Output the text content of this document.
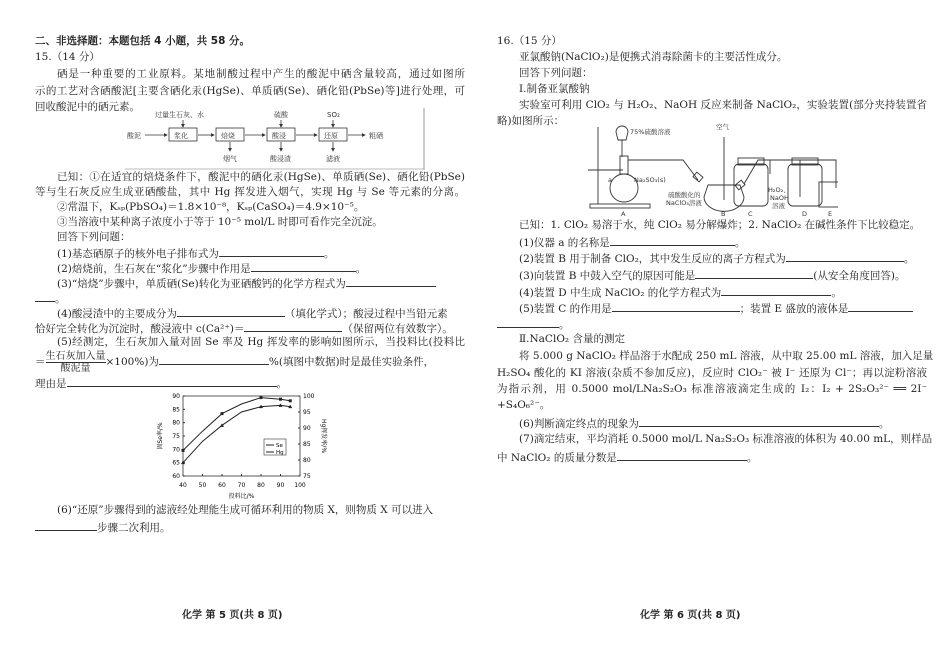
二、非选择题：本题包括 4 小题，共 58 分。
15.（14 分）
硒是一种重要的工业原料。某地制酸过程中产生的酸泥中硒含量较高，通过如图所
示的工艺对含硒酸泥[主要含硒化汞(HgSe)、单质硒(Se)、硒化铅(PbSe)等]进行处理，可
回收酸泥中的硒元素。
酸泥	浆化	焙烧	酸浸	还原
过量生石灰、水	硫酸	SO₂
烟气	酸浸渣	滤液
粗硒
已知：①在适宜的焙烧条件下，酸泥中的硒化汞(HgSe)、单质硒(Se)、硒化铅(PbSe)
等与生石灰反应生成亚硒酸盐，其中 Hg 挥发进入烟气，实现 Hg 与 Se 等元素的分离。
②常温下，Kₛₚ(PbSO₄)＝1.8×10⁻⁸，Kₛₚ(CaSO₄)＝4.9×10⁻⁵。
③当溶液中某种离子浓度小于等于 10⁻⁵ mol/L 时即可看作完全沉淀。
回答下列问题：
(1)基态硒原子的核外电子排布式为	。
(2)焙烧前，生石灰在“浆化”步骤中作用是	。
(3)“焙烧”步骤中，单质硒(Se)转化为亚硒酸钙的化学方程式为
。
(4)酸浸渣中的主要成分为	（填化学式）；酸浸过程中当铅元素
恰好完全转化为沉淀时，酸浸液中 c(Ca²⁺)＝	（保留两位有效数字）。
(5)经测定，生石灰加入量对固 Se 率及 Hg 挥发率的影响如图所示，当投料比(投料比
＝ $\frac{\text{生石灰加入量}}{\text{酸泥量}} \times 100\%$)为	%(填图中数据)时是最佳实验条件，
理由是	。
40 50 60 70 80 90 100
60
65
70
75
80
85
90
75
80
85
90
95
100
投料比/%
固Se率/%	Hg挥发率/%
Se
Hg
(6)“还原”步骤得到的滤液经处理能生成可循环利用的物质 X，则物质 X 可以进入
步骤二次利用。
化学 第 5 页(共 8 页)
16.（15 分）
亚氯酸钠(NaClO₂)是便携式消毒除菌卡的主要活性成分。
回答下列问题：
Ⅰ.制备亚氯酸钠
实验室可利用 ClO₂ 与 H₂O₂、NaOH 反应来制备 NaClO₂，实验装置(部分夹持装置省
略)如图所示：
75%硫酸溶液
空气
a	Na₂SO₃(s)
硫酸酸化的
NaClO₃溶液
H₂O₂、
NaOH
溶液
A	B	C	D	E
已知：1. ClO₂ 易溶于水，纯 ClO₂ 易分解爆炸；2. NaClO₂ 在碱性条件下比较稳定。
(1)仪器 a 的名称是	。
(2)装置 B 用于制备 ClO₂，其中发生反应的离子方程式为	。
(3)向装置 B 中鼓入空气的原因可能是	(从安全角度回答)。
(4)装置 D 中生成 NaClO₂ 的化学方程式为	。
(5)装置 C 的作用是	；装置 E 盛放的液体是
。
Ⅱ.NaClO₂ 含量的测定
将 5.000 g NaClO₂ 样品溶于水配成 250 mL 溶液，从中取 25.00 mL 溶液，加入足量
H₂SO₄ 酸化的 KI 溶液(杂质不参加反应)，反应时 ClO₂⁻ 被 I⁻ 还原为 Cl⁻；再以淀粉溶液
为指示剂，用 0.5000 mol/LNa₂S₂O₃ 标准溶液滴定生成的 I₂：I₂ + 2S₂O₃²⁻ ══ 2I⁻
+S₄O₆²⁻。
(6)判断滴定终点的现象为	。
(7)滴定结束，平均消耗 0.5000 mol/L Na₂S₂O₃ 标准溶液的体积为 40.00 mL，则样品
中 NaClO₂ 的质量分数是	。
化学 第 6 页(共 8 页)
